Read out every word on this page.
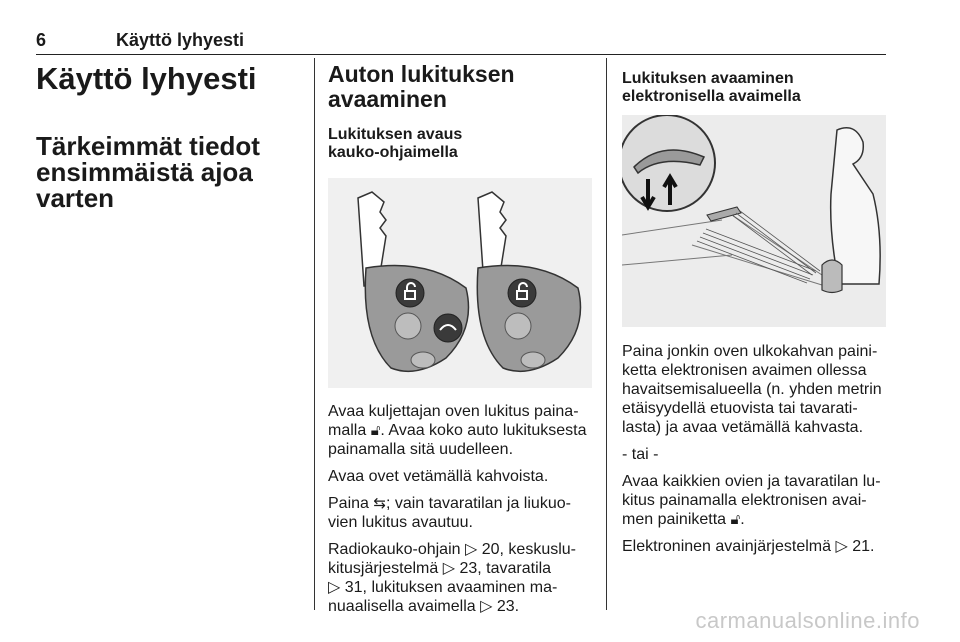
6	Käyttö lyhyesti
Käyttö lyhyesti
Tärkeimmät tiedot
ensimmäistä ajoa
varten
Auton lukituksen
avaaminen
Lukituksen avaus
kauko-ohjaimella

Avaa kuljettajan oven lukitus paina-
malla 🔓︎. Avaa koko auto lukituksesta
painamalla sitä uudelleen.

Avaa ovet vetämällä kahvoista.

Paina ⇆; vain tavaratilan ja liukuo-
vien lukitus avautuu.

Radiokauko-ohjain ▷ 20, keskuslu-
kitusjärjestelmä ▷ 23, tavaratila
▷ 31, lukituksen avaaminen ma-
nuaalisella avaimella ▷ 23.

Lukituksen avaaminen
elektronisella avaimella

Paina jonkin oven ulkokahvan paini-
ketta elektronisen avaimen ollessa
havaitsemisalueella (n. yhden metrin
etäisyydellä etuovista tai tavarati-
lasta) ja avaa vetämällä kahvasta.

- tai -

Avaa kaikkien ovien ja tavaratilan lu-
kitus painamalla elektronisen avai-
men painiketta 🔓︎.

Elektroninen avainjärjestelmä ▷ 21.

carmanualsonline.info
